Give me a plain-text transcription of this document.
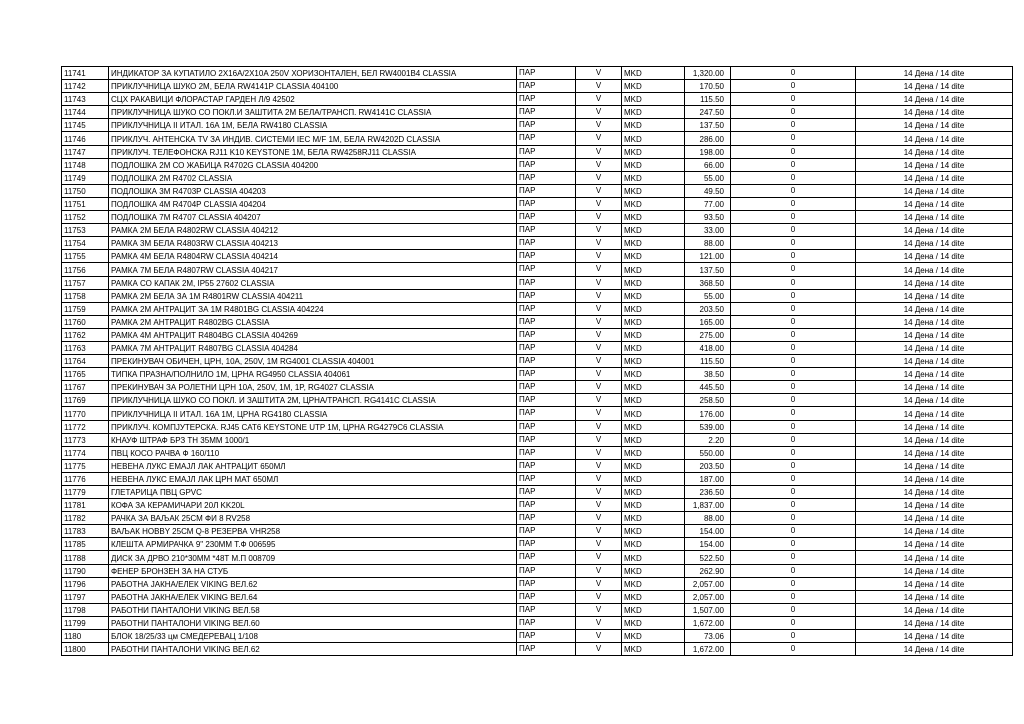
11741	ИНДИКАТОР ЗА КУПАТИЛО 2X16A/2X10A 250V ХОРИЗОНТАЛЕН, БЕЛ RW4001B4 CLASSIA	ПАР	V	MKD	1,320.00	0	14 Дена / 14 dite
11742	ПРИКЛУЧНИЦА ШУКО 2M, БЕЛА RW4141P CLASSIA 404100	ПАР	V	MKD	170.50	0	14 Дена / 14 dite
11743	СЦХ РАКАВИЦИ ФЛОРАСТАР ГАРДЕН Л/9 42502	ПАР	V	MKD	115.50	0	14 Дена / 14 dite
11744	ПРИКЛУЧНИЦА ШУКО СО ПОКЛ.И ЗАШТИТА 2M БЕЛА/ТРАНСП. RW4141C CLASSIA	ПАР	V	MKD	247.50	0	14 Дена / 14 dite
11745	ПРИКЛУЧНИЦА II ИТАЛ. 16A 1M, БЕЛА RW4180 CLASSIA	ПАР	V	MKD	137.50	0	14 Дена / 14 dite
11746	ПРИКЛУЧ. АНТЕНСКА TV ЗА ИНДИВ. СИСТЕМИ IEC M/F 1M, БЕЛА RW4202D CLASSIA	ПАР	V	MKD	286.00	0	14 Дена / 14 dite
11747	ПРИКЛУЧ. ТЕЛЕФОНСКА RJ11 K10 KEYSTONE 1M, БЕЛА RW4258RJ11 CLASSIA	ПАР	V	MKD	198.00	0	14 Дена / 14 dite
11748	ПОДЛОШКА 2M СО ЖАБИЦА R4702G CLASSIA 404200	ПАР	V	MKD	66.00	0	14 Дена / 14 dite
11749	ПОДЛОШКА 2M R4702 CLASSIA	ПАР	V	MKD	55.00	0	14 Дена / 14 dite
11750	ПОДЛОШКА 3M R4703P CLASSIA 404203	ПАР	V	MKD	49.50	0	14 Дена / 14 dite
11751	ПОДЛОШКА 4M R4704P CLASSIA 404204	ПАР	V	MKD	77.00	0	14 Дена / 14 dite
11752	ПОДЛОШКА 7M R4707 CLASSIA 404207	ПАР	V	MKD	93.50	0	14 Дена / 14 dite
11753	РАМКА 2M БЕЛА R4802RW CLASSIA 404212	ПАР	V	MKD	33.00	0	14 Дена / 14 dite
11754	РАМКА 3M БЕЛА R4803RW CLASSIA 404213	ПАР	V	MKD	88.00	0	14 Дена / 14 dite
11755	РАМКА 4M БЕЛА R4804RW CLASSIA 404214	ПАР	V	MKD	121.00	0	14 Дена / 14 dite
11756	РАМКА 7M БЕЛА R4807RW CLASSIA 404217	ПАР	V	MKD	137.50	0	14 Дена / 14 dite
11757	РАМКА СО КАПАК 2M, IP55 27602 CLASSIA	ПАР	V	MKD	368.50	0	14 Дена / 14 dite
11758	РАМКА 2M БЕЛА ЗА 1M R4801RW CLASSIA 404211	ПАР	V	MKD	55.00	0	14 Дена / 14 dite
11759	РАМКА 2M АНТРАЦИТ ЗА 1M R4801BG CLASSIA 404224	ПАР	V	MKD	203.50	0	14 Дена / 14 dite
11760	РАМКА 2M АНТРАЦИТ R4802BG CLASSIA	ПАР	V	MKD	165.00	0	14 Дена / 14 dite
11762	РАМКА 4M АНТРАЦИТ R4804BG CLASSIA 404269	ПАР	V	MKD	275.00	0	14 Дена / 14 dite
11763	РАМКА 7M АНТРАЦИТ R4807BG CLASSIA 404284	ПАР	V	MKD	418.00	0	14 Дена / 14 dite
11764	ПРЕКИНУВАЧ ОБИЧЕН, ЦРН, 10A, 250V, 1M RG4001 CLASSIA 404001	ПАР	V	MKD	115.50	0	14 Дена / 14 dite
11765	ТИПКА ПРАЗНА/ПОЛНИЛО 1M, ЦРНА RG4950 CLASSIA 404061	ПАР	V	MKD	38.50	0	14 Дена / 14 dite
11767	ПРЕКИНУВАЧ ЗА РОЛЕТНИ ЦРН 10A, 250V, 1M, 1P, RG4027 CLASSIA	ПАР	V	MKD	445.50	0	14 Дена / 14 dite
11769	ПРИКЛУЧНИЦА ШУКО СО ПОКЛ. И ЗАШТИТА 2M, ЦРНА/ТРАНСП. RG4141C CLASSIA	ПАР	V	MKD	258.50	0	14 Дена / 14 dite
11770	ПРИКЛУЧНИЦА II ИТАЛ. 16A 1M, ЦРНА RG4180 CLASSIA	ПАР	V	MKD	176.00	0	14 Дена / 14 dite
11772	ПРИКЛУЧ. КОМПЈУТЕРСКА. RJ45 CAT6 KEYSTONE UTP 1M, ЦРНА RG4279C6 CLASSIA	ПАР	V	MKD	539.00	0	14 Дена / 14 dite
11773	КНАУФ ШТРАФ БРЗ ТН 35ММ 1000/1	ПАР	V	MKD	2.20	0	14 Дена / 14 dite
11774	ПВЦ КОСО РАЧВА Ф 160/110	ПАР	V	MKD	550.00	0	14 Дена / 14 dite
11775	НЕВЕНА ЛУКС ЕМАЈЛ ЛАК АНТРАЦИТ 650МЛ	ПАР	V	MKD	203.50	0	14 Дена / 14 dite
11776	НЕВЕНА ЛУКС ЕМАЈЛ ЛАК ЦРН МАТ 650МЛ	ПАР	V	MKD	187.00	0	14 Дена / 14 dite
11779	ГЛЕТАРИЦА ПВЦ GPVC	ПАР	V	MKD	236.50	0	14 Дена / 14 dite
11781	КОФА ЗА КЕРАМИЧАРИ 20Л KK20L	ПАР	V	MKD	1,837.00	0	14 Дена / 14 dite
11782	РАЧКА ЗА ВАЉАК 25СМ ФИ 8 RV258	ПАР	V	MKD	88.00	0	14 Дена / 14 dite
11783	ВАЉАК HOBBY 25СМ Q-8 РЕЗЕРВА VHR258	ПАР	V	MKD	154.00	0	14 Дена / 14 dite
11785	КЛЕШТА АРМИРАЧКА 9" 230ММ Т.Ф 006595	ПАР	V	MKD	154.00	0	14 Дена / 14 dite
11788	ДИСК ЗА ДРВО 210*30ММ *48Т М.П 008709	ПАР	V	MKD	522.50	0	14 Дена / 14 dite
11790	ФЕНЕР БРОНЗЕН ЗА НА СТУБ	ПАР	V	MKD	262.90	0	14 Дена / 14 dite
11796	РАБОТНА ЈАКНА/ЕЛЕК VIKING ВЕЛ.62	ПАР	V	MKD	2,057.00	0	14 Дена / 14 dite
11797	РАБОТНА ЈАКНА/ЕЛЕК VIKING ВЕЛ.64	ПАР	V	MKD	2,057.00	0	14 Дена / 14 dite
11798	РАБОТНИ ПАНТАЛОНИ VIKING ВЕЛ.58	ПАР	V	MKD	1,507.00	0	14 Дена / 14 dite
11799	РАБОТНИ ПАНТАЛОНИ VIKING ВЕЛ.60	ПАР	V	MKD	1,672.00	0	14 Дена / 14 dite
1180	БЛОК 18/25/33 цм СМЕДЕРЕВАЦ 1/108	ПАР	V	MKD	73.06	0	14 Дена / 14 dite
11800	РАБОТНИ ПАНТАЛОНИ VIKING ВЕЛ.62	ПАР	V	MKD	1,672.00	0	14 Дена / 14 dite
